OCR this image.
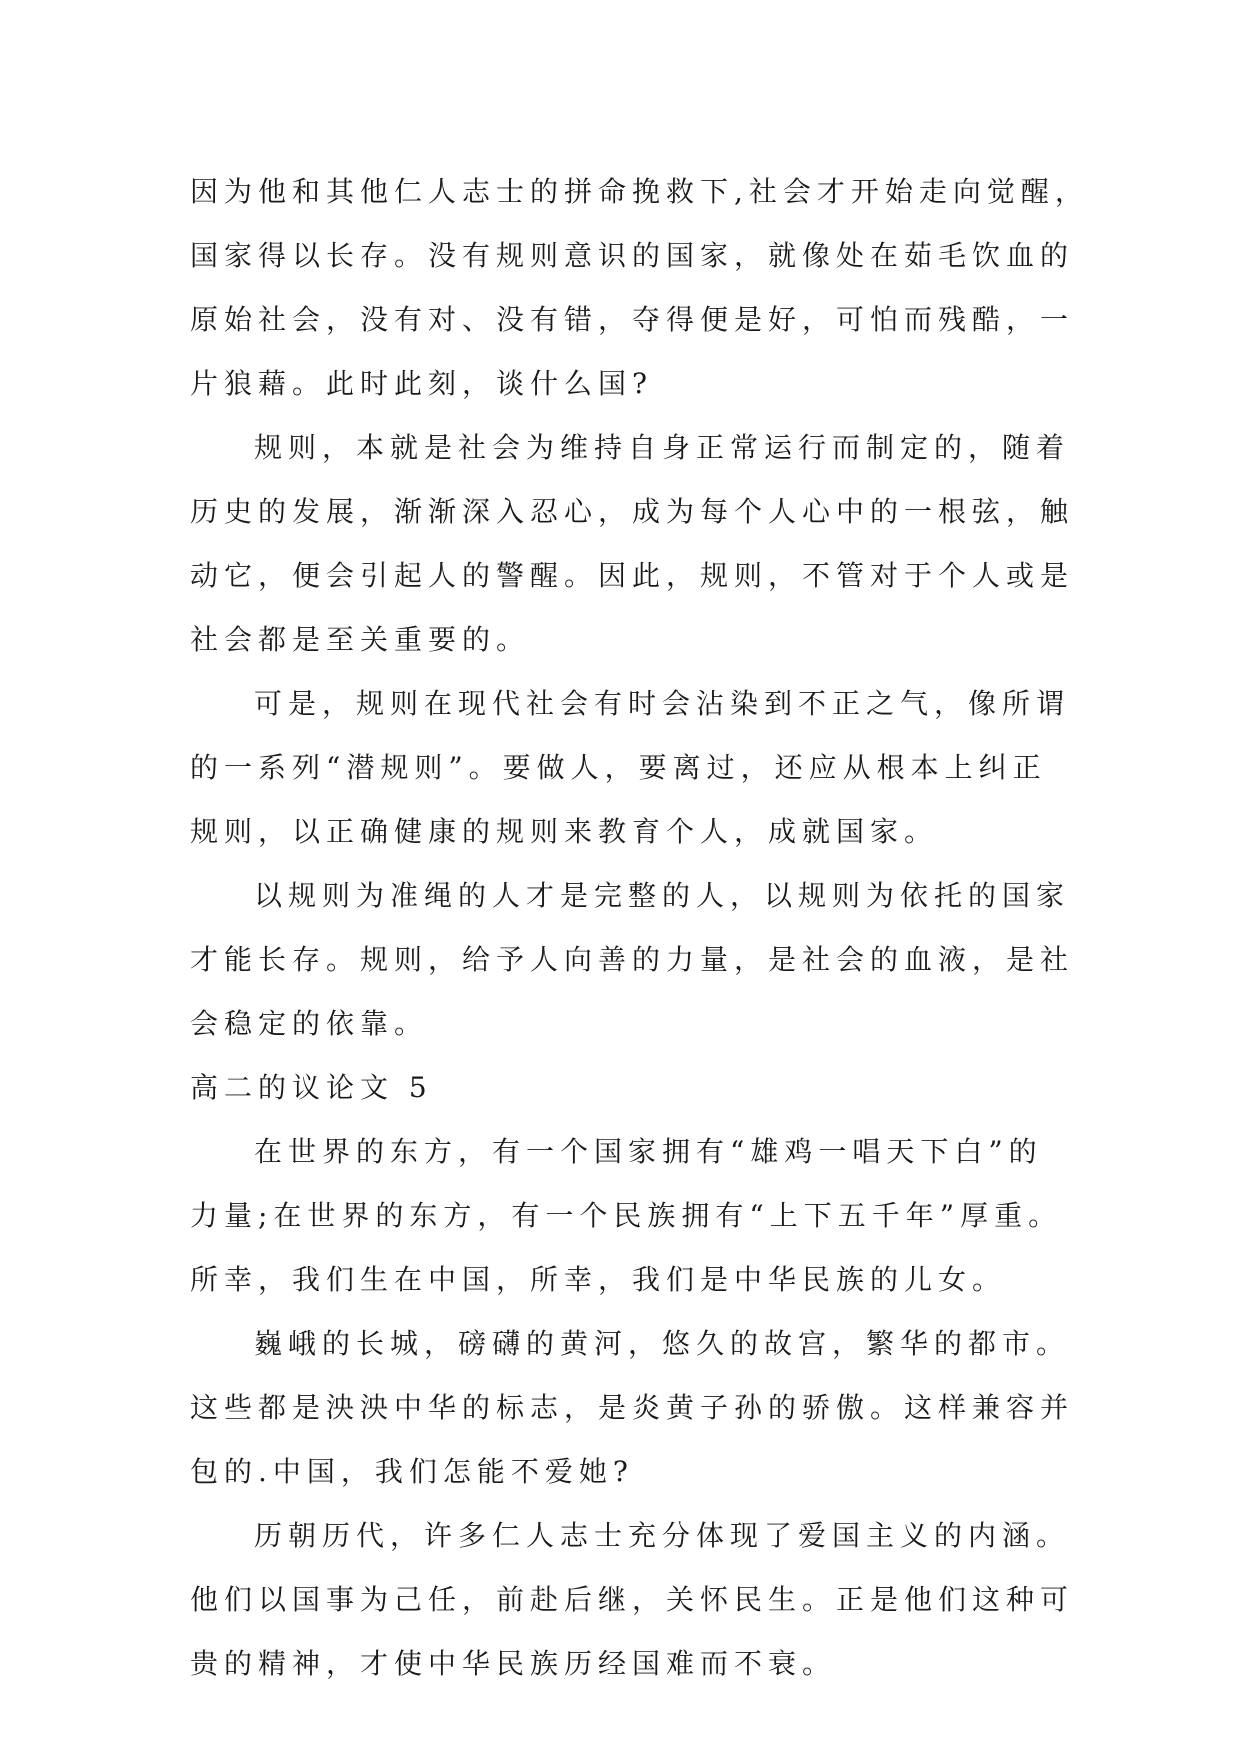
因为他和其他仁人志士的拼命挽救下,社会才开始走向觉醒，
国家得以长存。没有规则意识的国家，就像处在茹毛饮血的
原始社会，没有对、没有错，夺得便是好，可怕而残酷，一
片狼藉。此时此刻，谈什么国?
规则，本就是社会为维持自身正常运行而制定的，随着
历史的发展，渐渐深入忍心，成为每个人心中的一根弦，触
动它，便会引起人的警醒。因此，规则，不管对于个人或是
社会都是至关重要的。
可是，规则在现代社会有时会沾染到不正之气，像所谓
的一系列“潜规则”。要做人，要离过，还应从根本上纠正
规则，以正确健康的规则来教育个人，成就国家。
以规则为准绳的人才是完整的人，以规则为依托的国家
才能长存。规则，给予人向善的力量，是社会的血液，是社
会稳定的依靠。
高二的议论文 5
在世界的东方，有一个国家拥有“雄鸡一唱天下白”的
力量;在世界的东方，有一个民族拥有“上下五千年”厚重。
所幸，我们生在中国，所幸，我们是中华民族的儿女。
巍峨的长城，磅礴的黄河，悠久的故宫，繁华的都市。
这些都是泱泱中华的标志，是炎黄子孙的骄傲。这样兼容并
包的.中国，我们怎能不爱她?
历朝历代，许多仁人志士充分体现了爱国主义的内涵。
他们以国事为己任，前赴后继，关怀民生。正是他们这种可
贵的精神，才使中华民族历经国难而不衰。
